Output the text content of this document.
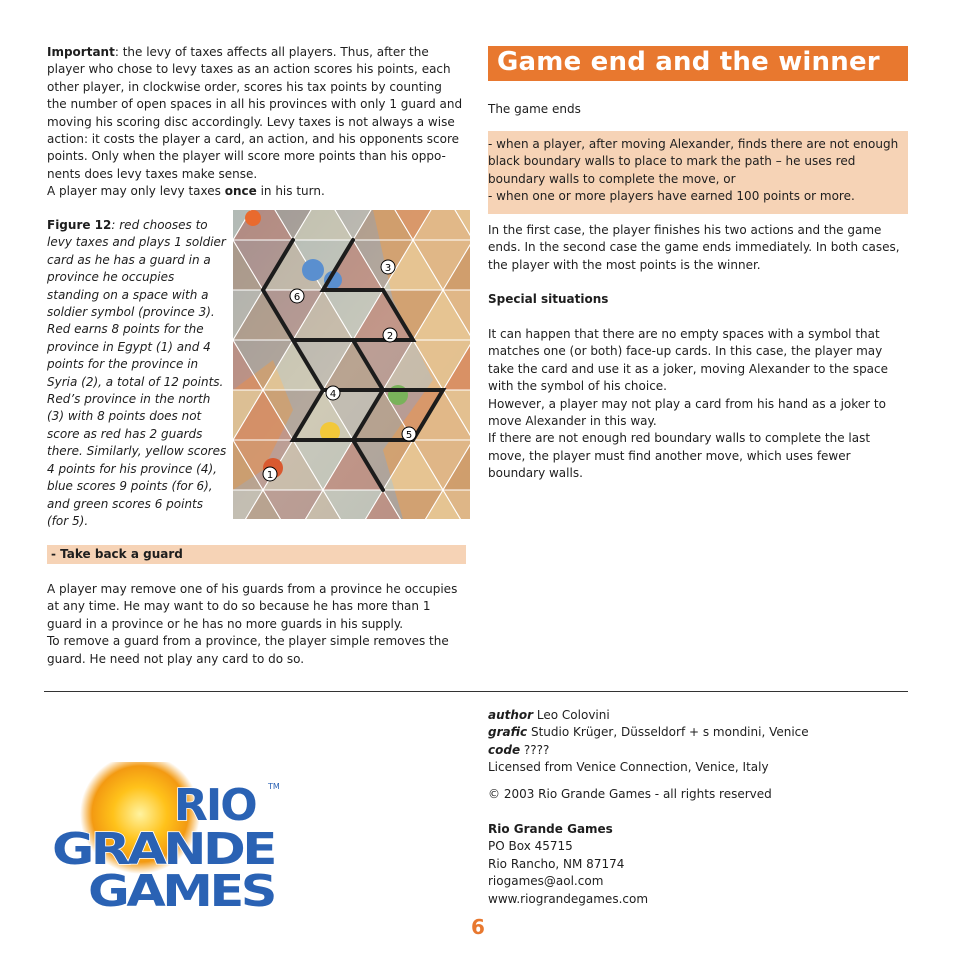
Important: the levy of taxes affects all players. Thus, after the player who chose to levy taxes as an action scores his points, each other player, in clockwise order, scores his tax points by counting the number of open spaces in all his provinces with only 1 guard and moving his scoring disc accordingly. Levy taxes is not always a wise action: it costs the player a card, an action, and his opponents score points. Only when the player will score more points than his oppo-nents does levy taxes make sense.

A player may only levy taxes once in his turn.

Figure 12: red chooses to levy taxes and plays 1 soldier card as he has a guard in a province he occupies standing on a space with a soldier symbol (province 3). Red earns 8 points for the province in Egypt (1) and 4 points for the province in Syria (2), a total of 12 points. Red’s province in the north (3) with 8 points does not score as red has 2 guards there. Similarly, yellow scores 4 points for his province (4), blue scores 9 points (for 6), and green scores 6 points (for 5).

3
6
2
4
5
1
- Take back a guard

A player may remove one of his guards from a province he occupies at any time. He may want to do so because he has more than 1 guard in a province or he has no more guards in his supply.

To remove a guard from a province, the player simple removes the guard. He need not play any card to do so.

Game end and the winner

The game ends

- when a player, after moving Alexander, finds there are not enough black boundary walls to place to mark the path – he uses red boundary walls to complete the move, or

- when one or more players have earned 100 points or more.

In the first case, the player finishes his two actions and the game ends. In the second case the game ends immediately. In both cases, the player with the most points is the winner.

Special situations

It can happen that there are no empty spaces with a symbol that matches one (or both) face-up cards. In this case, the player may take the card and use it as a joker, moving Alexander to the space with the symbol of his choice.

However, a player may not play a card from his hand as a joker to move Alexander in this way.

If there are not enough red boundary walls to complete the last move, the player must find another move, which uses fewer boundary walls.

RIO
GRANDE
GAMES
TM

author Leo Colovini

grafic Studio Krüger, Düsseldorf + s mondini, Venice

code ????

Licensed from Venice Connection, Venice, Italy

© 2003 Rio Grande Games - all rights reserved

Rio Grande Games

PO Box 45715

Rio Rancho, NM 87174

riogames@aol.com

www.riograndegames.com

6
